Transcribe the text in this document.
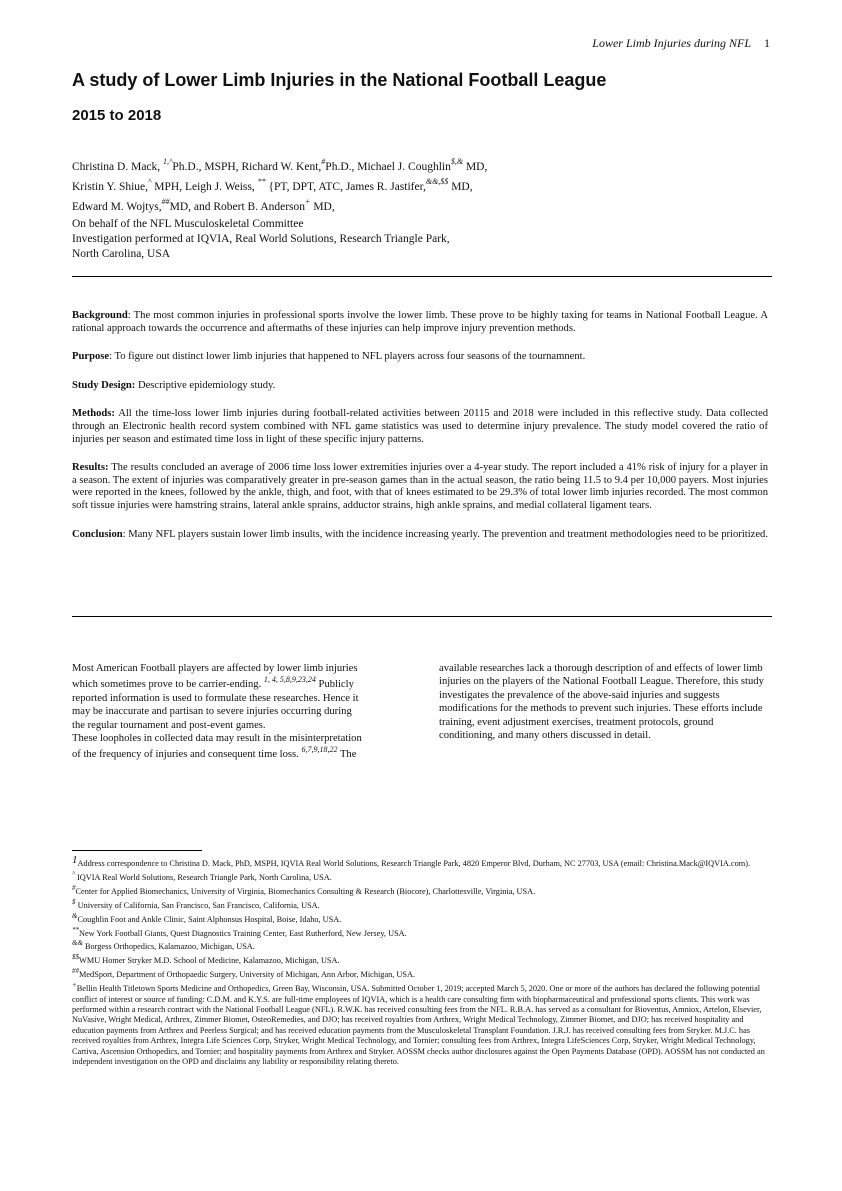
Lower Limb Injuries during NFL 1
A study of Lower Limb Injuries in the National Football League
2015 to 2018
Christina D. Mack, $^{1,\^{}}$Ph.D., MSPH, Richard W. Kent,#Ph.D., Michael J. Coughlin$,& MD,
Kristin Y. Shiue,^ MPH, Leigh J. Weiss, ** {PT, DPT, ATC, James R. Jastifer,&&,$$ MD,
Edward M. Wojtys,##MD, and Robert B. Anderson+ MD,
On behalf of the NFL Musculoskeletal Committee
Investigation performed at IQVIA, Real World Solutions, Research Triangle Park,
North Carolina, USA

Background: The most common injuries in professional sports involve the lower limb. These prove to be highly taxing for teams in National Football League. A rational approach towards the occurrence and aftermaths of these injuries can help improve injury prevention methods.

Purpose: To figure out distinct lower limb injuries that happened to NFL players across four seasons of the tournamnent.

Study Design: Descriptive epidemiology study.

Methods: All the time-loss lower limb injuries during football-related activities between 20115 and 2018 were included in this reflective study. Data collected through an Electronic health record system combined with NFL game statistics was used to determine injury prevalence. The study model covered the ratio of injuries per season and estimated time loss in light of these specific injury patterns.

Results: The results concluded an average of 2006 time loss lower extremities injuries over a 4-year study. The report included a 41% risk of injury for a player in a season. The extent of injuries was comparatively greater in pre-season games than in the actual season, the ratio being 11.5 to 9.4 per 10,000 payers. Most injuries were reported in the knees, followed by the ankle, thigh, and foot, with that of knees estimated to be 29.3% of total lower limb injuries recorded. The most common soft tissue injuries were hamstring strains, lateral ankle sprains, adductor strains, high ankle sprains, and medial collateral ligament tears.

Conclusion: Many NFL players sustain lower limb insults, with the incidence increasing yearly. The prevention and treatment methodologies need to be prioritized.

Most American Football players are affected by lower limb injuries
which sometimes prove to be carrier-ending. $^{1, 4, 5,8,9,23,24}$ Publicly
reported information is used to formulate these researches. Hence it
may be inaccurate and partisan to severe injuries occurring during
the regular tournament and post-event games.
These loopholes in collected data may result in the misinterpretation
of the frequency of injuries and consequent time loss. $^{6,7,9,18,22}$ The
available researches lack a thorough description of and effects of lower limb injuries on the players of the National Football League. Therefore, this study investigates the prevalence of the above-said injuries and suggests modifications for the methods to prevent such injuries. These efforts include training, event adjustment exercises, treatment protocols, ground conditioning, and many others discussed in detail.
1Address correspondence to Christina D. Mack, PhD, MSPH, IQVIA Real World Solutions, Research Triangle Park, 4820 Emperor Blvd, Durham, NC 27703, USA (email: Christina.Mack@IQVIA.com).
^ IQVIA Real World Solutions, Research Triangle Park, North Carolina, USA.
#Center for Applied Biomechanics, University of Virginia, Biomechanics Consulting & Research (Biocore), Charlottesville, Virginia, USA.
$ University of California, San Francisco, San Francisco, California, USA.
&Coughlin Foot and Ankle Clinic, Saint Alphonsus Hospital, Boise, Idaho, USA.
**New York Football Giants, Quest Diagnostics Training Center, East Rutherford, New Jersey, USA.
&& Borgess Orthopedics, Kalamazoo, Michigan, USA.
$$WMU Homer Stryker M.D. School of Medicine, Kalamazoo, Michigan, USA.
##MedSport, Department of Orthopaedic Surgery, University of Michigan, Ann Arbor, Michigan, USA.
+Bellin Health Titletown Sports Medicine and Orthopedics, Green Bay, Wisconsin, USA. Submitted October 1, 2019; accepted March 5, 2020. One or more of the authors has declared the following potential conflict of interest or source of funding: C.D.M. and K.Y.S. are full-time employees of IQVIA, which is a health care consulting firm with biopharmaceutical and professional sports clients. This work was performed within a research contract with the National Football League (NFL). R.W.K. has received consulting fees from the NFL. R.B.A. has served as a consultant for Bioventus, Amniox, Artelon, Elsevier, NuVasive, Wright Medical, Arthrex, Zimmer Biomet, OsteoRemedies, and DJO; has received royalties from Arthrex, Wright Medical Technology, Zimmer Biomet, and DJO; has received hospitality and education payments from Arthrex and Peerless Surgical; and has received education payments from the Musculoskeletal Transplant Foundation. J.R.J. has received consulting fees from Stryker. M.J.C. has received royalties from Arthrex, Integra Life Sciences Corp, Stryker, Wright Medical Technology, and Tornier; consulting fees from Arthrex, Integra LifeSciences Corp, Stryker, Wright Medical Technology, Cartiva, Ascension Orthopedics, and Tornier; and hospitality payments from Arthrex and Stryker. AOSSM checks author disclosures against the Open Payments Database (OPD). AOSSM has not conducted an independent investigation on the OPD and disclaims any liability or responsibility relating thereto.
